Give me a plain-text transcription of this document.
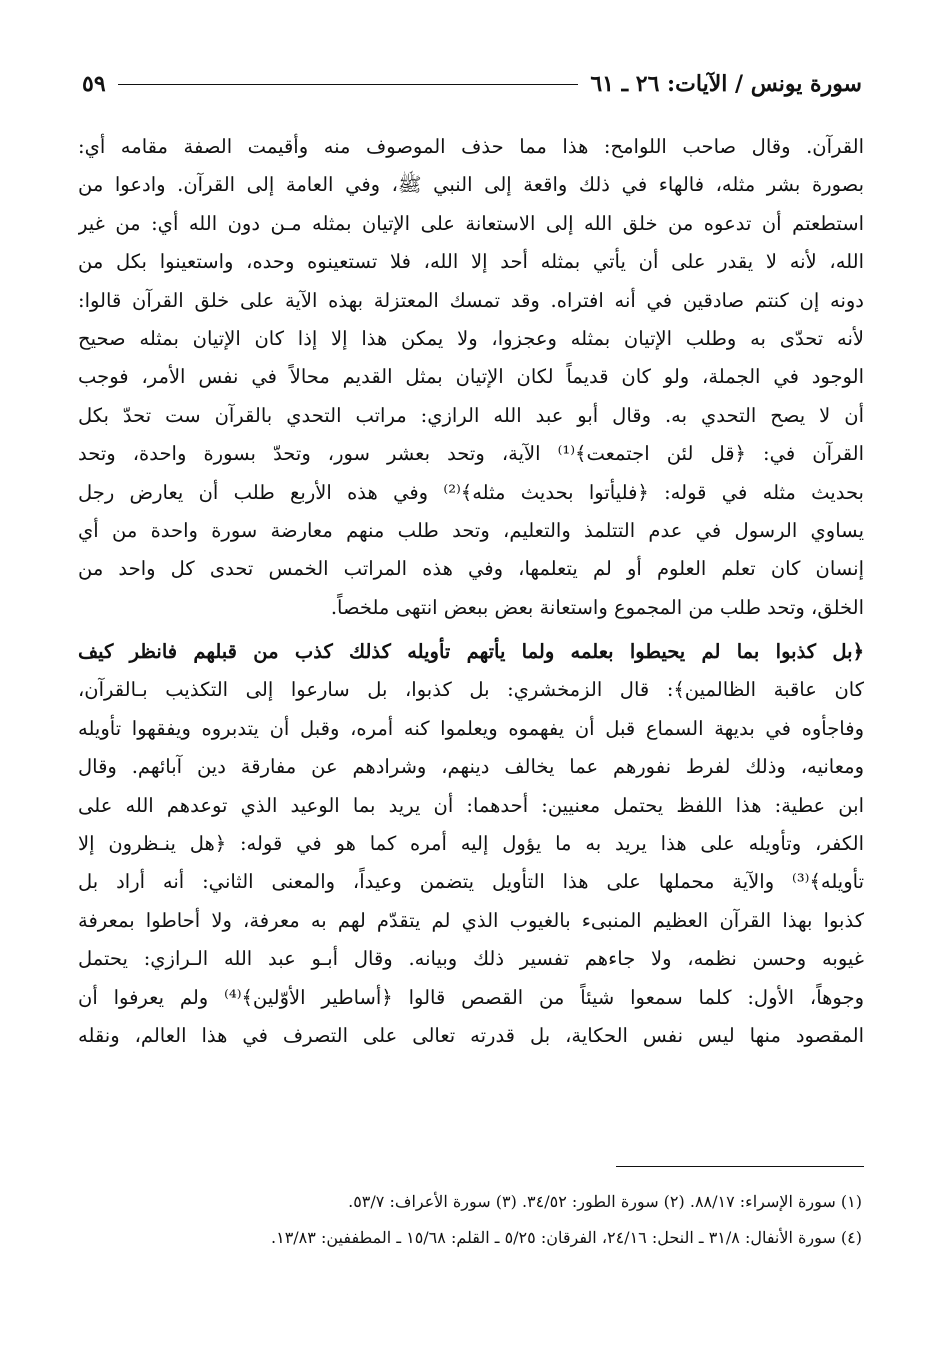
سورة يونس / الآيات: ٢٦ ـ ٦١
٥٩
القرآن. وقال صاحب اللوامح: هذا مما حذف الموصوف منه وأقيمت الصفة مقامه أي:
بصورة بشر مثله، فالهاء في ذلك واقعة إلى النبي ﷺ، وفي العامة إلى القرآن. وادعوا من
استطعتم أن تدعوه من خلق الله إلى الاستعانة على الإتيان بمثله مـن دون الله أي: من غير
الله، لأنه لا يقدر على أن يأتي بمثله أحد إلا الله، فلا تستعينوه وحده، واستعينوا بكل من
دونه إن كنتم صادقين في أنه افتراه. وقد تمسك المعتزلة بهذه الآية على خلق القرآن قالوا:
لأنه تحدّى به وطلب الإتيان بمثله وعجزوا، ولا يمكن هذا إلا إذا كان الإتيان بمثله صحيح
الوجود في الجملة، ولو كان قديماً لكان الإتيان بمثل القديم محالاً في نفس الأمر، فوجب
أن لا يصح التحدي به. وقال أبو عبد الله الرازي: مراتب التحدي بالقرآن ست تحدّ بكل
القرآن في: ﴿قل لئن اجتمعت﴾⁽¹⁾ الآية، وتحد بعشر سور، وتحدّ بسورة واحدة، وتحد
بحديث مثله في قوله: ﴿فليأتوا بحديث مثله﴾⁽²⁾ وفي هذه الأربع طلب أن يعارض رجل
يساوي الرسول في عدم التتلمذ والتعليم، وتحد طلب منهم معارضة سورة واحدة من أي
إنسان كان تعلم العلوم أو لم يتعلمها، وفي هذه المراتب الخمس تحدى كل واحد من
الخلق، وتحد طلب من المجموع واستعانة بعض ببعض انتهى ملخصاً.
﴿بل كذبوا بما لم يحيطوا بعلمه ولما يأتهم تأويله كذلك كذب من قبلهم فانظر كيف
كان عاقبة الظالمين﴾: قال الزمخشري: بل كذبوا، بل سارعوا إلى التكذيب بـالقرآن،
وفاجأوه في بديهة السماع قبل أن يفهموه ويعلموا كنه أمره، وقبل أن يتدبروه ويفقهوا تأويله
ومعانيه، وذلك لفرط نفورهم عما يخالف دينهم، وشرادهم عن مفارقة دين آبائهم. وقال
ابن عطية: هذا اللفظ يحتمل معنيين: أحدهما: أن يريد بما الوعيد الذي توعدهم الله على
الكفر، وتأويله على هذا يريد به ما يؤول إليه أمره كما هو في قوله: ﴿هل ينـظرون إلا
تأويله﴾⁽³⁾ والآية محملها على هذا التأويل يتضمن وعيداً، والمعنى الثاني: أنه أراد بل
كذبوا بهذا القرآن العظيم المنبىء بالغيوب الذي لم يتقدّم لهم به معرفة، ولا أحاطوا بمعرفة
غيوبه وحسن نظمه، ولا جاءهم تفسير ذلك وبيانه. وقال أبـو عبد الله الـرازي: يحتمل
وجوهاً، الأول: كلما سمعوا شيئاً من القصص قالوا ﴿أساطير الأوّلين﴾⁽⁴⁾ ولم يعرفوا أن
المقصود منها ليس نفس الحكاية، بل قدرته تعالى على التصرف في هذا العالم، ونقله
(١) سورة الإسراء: ٨٨/١٧. (٢) سورة الطور: ٣٤/٥٢. (٣) سورة الأعراف: ٥٣/٧.
(٤) سورة الأنفال: ٣١/٨ ـ النحل: ٢٤/١٦، الفرقان: ٥/٢٥ ـ القلم: ١٥/٦٨ ـ المطففين: ١٣/٨٣.
